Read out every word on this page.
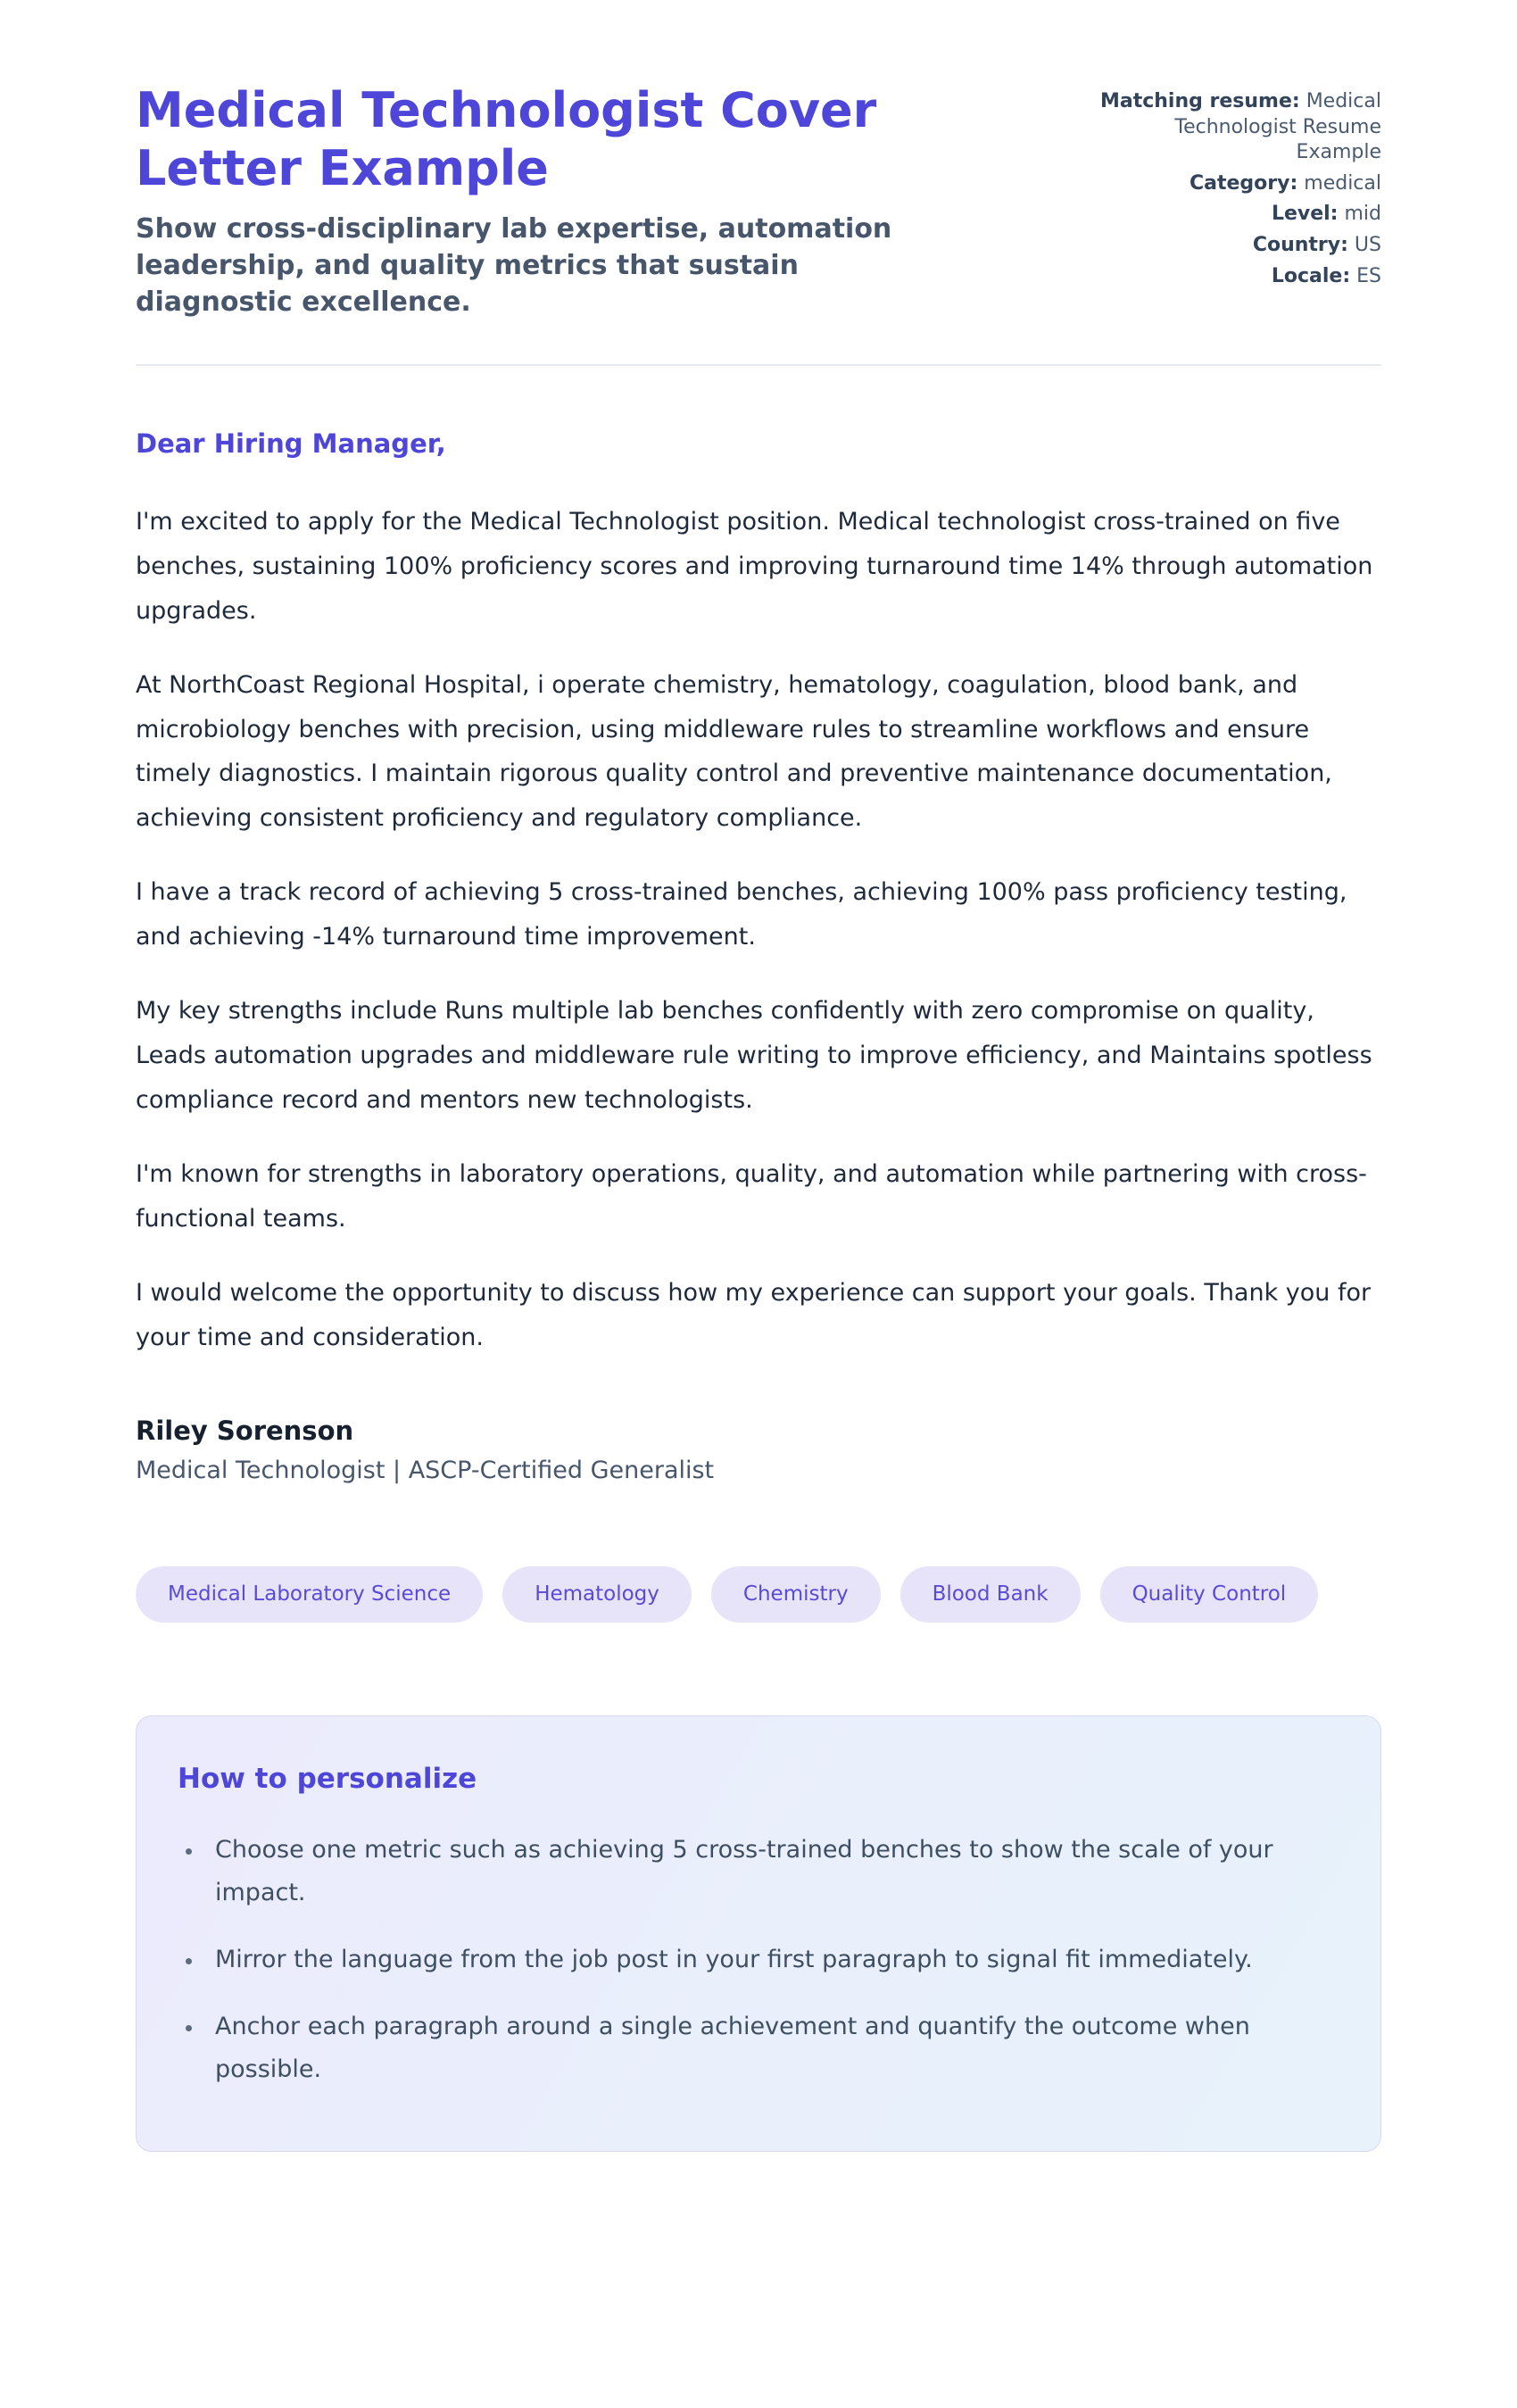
Medical Technologist Cover Letter Example

Show cross-disciplinary lab expertise, automation leadership, and quality metrics that sustain diagnostic excellence.

Matching resume: Medical Technologist Resume Example

Category: medical

Level: mid

Country: US

Locale: ES

Dear Hiring Manager,

I'm excited to apply for the Medical Technologist position. Medical technologist cross-trained on five benches, sustaining 100% proficiency scores and improving turnaround time 14% through automation upgrades.

At NorthCoast Regional Hospital, i operate chemistry, hematology, coagulation, blood bank, and microbiology benches with precision, using middleware rules to streamline workflows and ensure timely diagnostics. I maintain rigorous quality control and preventive maintenance documentation, achieving consistent proficiency and regulatory compliance.

I have a track record of achieving 5 cross-trained benches, achieving 100% pass proficiency testing, and achieving -14% turnaround time improvement.

My key strengths include Runs multiple lab benches confidently with zero compromise on quality, Leads automation upgrades and middleware rule writing to improve efficiency, and Maintains spotless compliance record and mentors new technologists.

I'm known for strengths in laboratory operations, quality, and automation while partnering with cross-functional teams.

I would welcome the opportunity to discuss how my experience can support your goals. Thank you for your time and consideration.

Riley Sorenson

Medical Technologist | ASCP-Certified Generalist

Medical Laboratory Science	Hematology	Chemistry	Blood Bank	Quality Control
How to personalize
• Choose one metric such as achieving 5 cross-trained benches to show the scale of your impact.
• Mirror the language from the job post in your first paragraph to signal fit immediately.
• Anchor each paragraph around a single achievement and quantify the outcome when possible.
